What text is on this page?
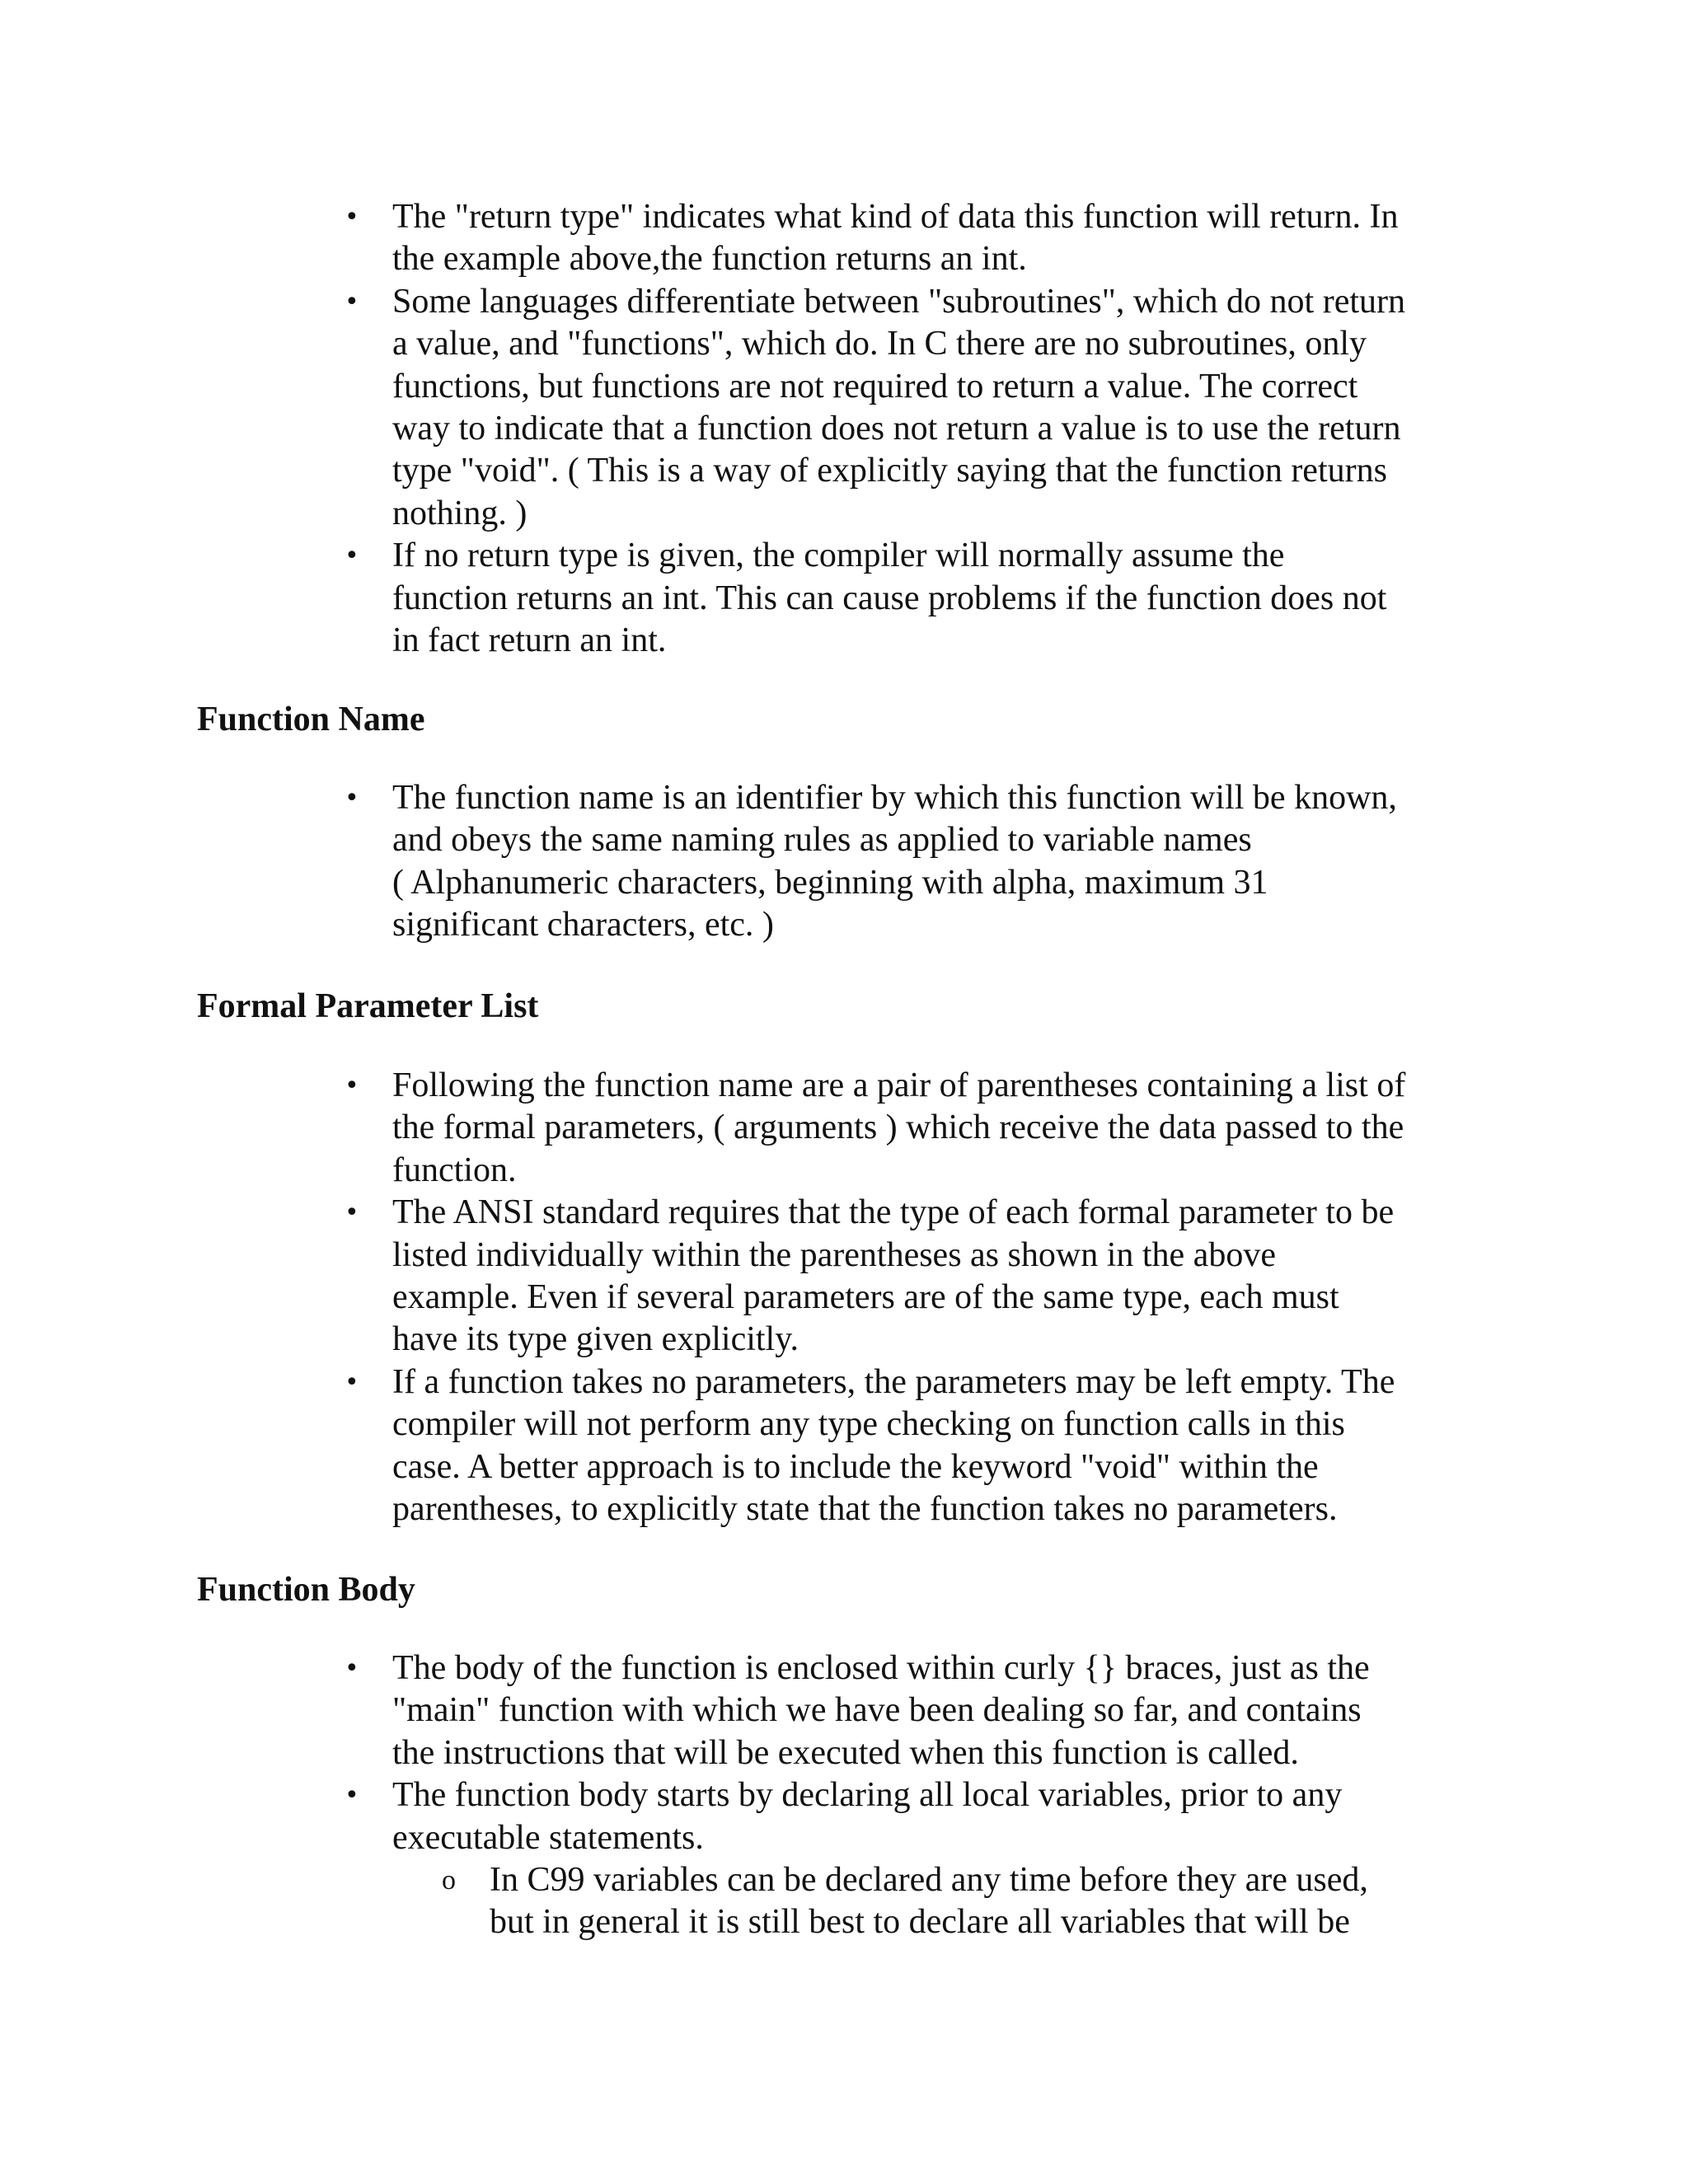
• The "return type" indicates what kind of data this function will return. In
the example above,the function returns an int.
• Some languages differentiate between "subroutines", which do not return
a value, and "functions", which do. In C there are no subroutines, only
functions, but functions are not required to return a value. The correct
way to indicate that a function does not return a value is to use the return
type "void". ( This is a way of explicitly saying that the function returns
nothing. )
• If no return type is given, the compiler will normally assume the
function returns an int. This can cause problems if the function does not
in fact return an int.
Function Name
• The function name is an identifier by which this function will be known,
and obeys the same naming rules as applied to variable names
( Alphanumeric characters, beginning with alpha, maximum 31
significant characters, etc. )
Formal Parameter List
• Following the function name are a pair of parentheses containing a list of
the formal parameters, ( arguments ) which receive the data passed to the
function.
• The ANSI standard requires that the type of each formal parameter to be
listed individually within the parentheses as shown in the above
example. Even if several parameters are of the same type, each must
have its type given explicitly.
• If a function takes no parameters, the parameters may be left empty. The
compiler will not perform any type checking on function calls in this
case. A better approach is to include the keyword "void" within the
parentheses, to explicitly state that the function takes no parameters.
Function Body
• The body of the function is enclosed within curly {} braces, just as the
"main" function with which we have been dealing so far, and contains
the instructions that will be executed when this function is called.
• The function body starts by declaring all local variables, prior to any
executable statements.
o In C99 variables can be declared any time before they are used,
but in general it is still best to declare all variables that will be
